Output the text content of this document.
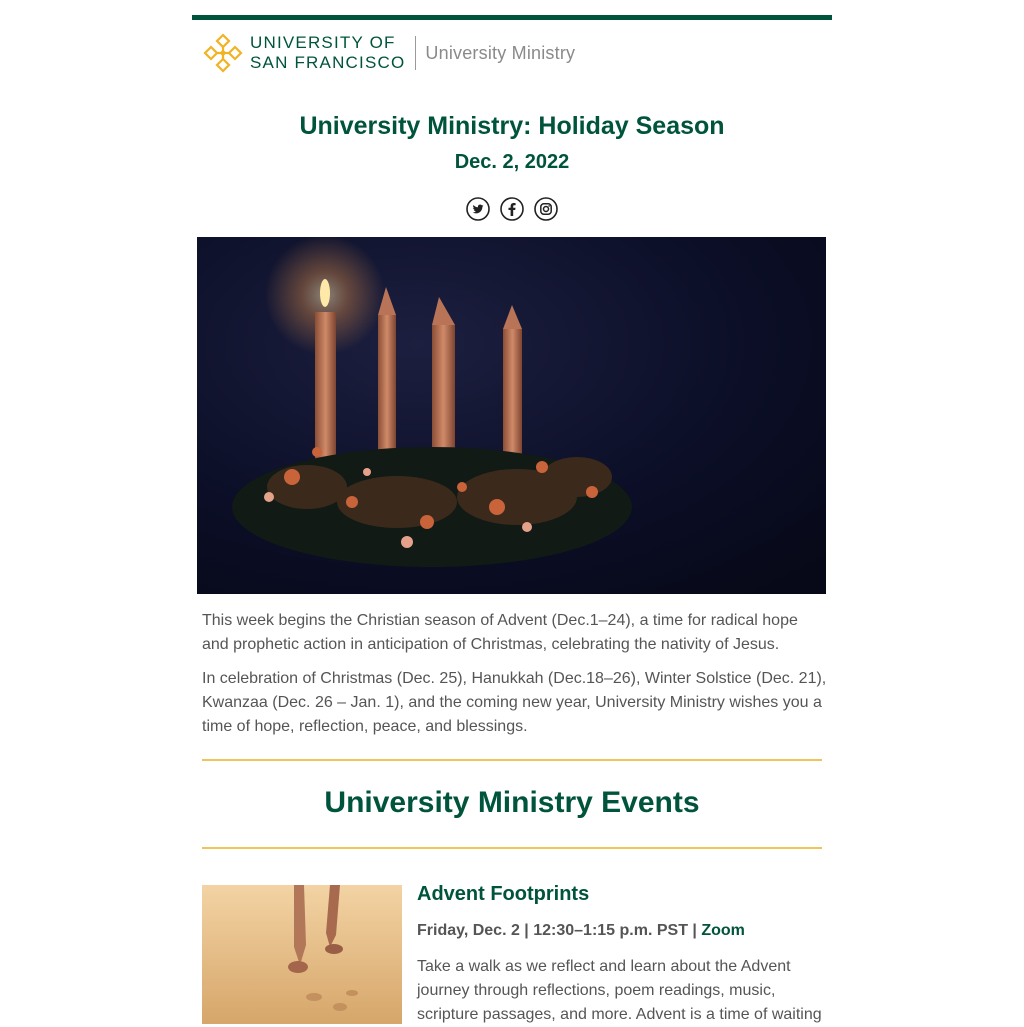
UNIVERSITY OF
SAN FRANCISCO University Ministry
University Ministry: Holiday Season
Dec. 2, 2022

This week begins the Christian season of Advent (Dec.1–24), a time for radical hope and prophetic action in anticipation of Christmas, celebrating the nativity of Jesus.

In celebration of Christmas (Dec. 25), Hanukkah (Dec.18–26), Winter Solstice (Dec. 21), Kwanzaa (Dec. 26 – Jan. 1), and the coming new year, University Ministry wishes you a time of hope, reflection, peace, and blessings.

University Ministry Events
Advent Footprints
Friday, Dec. 2 | 12:30–1:15 p.m. PST | Zoom

Take a walk as we reflect and learn about the Advent journey through reflections, poem readings, music, scripture passages, and more. Advent is a time of waiting
